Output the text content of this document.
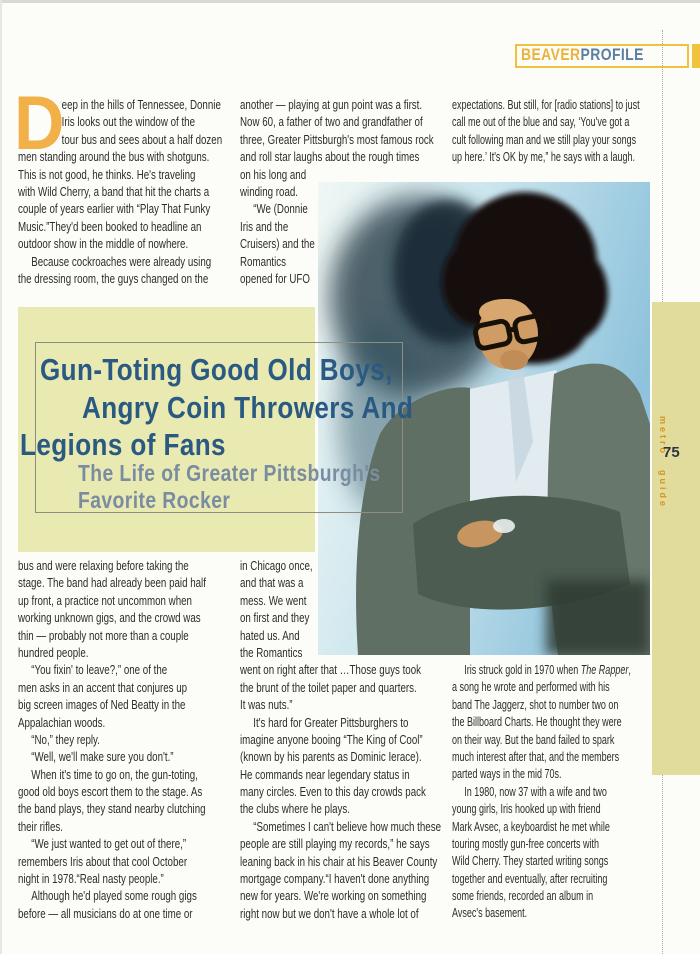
BEAVERPROFILE
Gun-Toting Good Old Boys,
Angry Coin Throwers And
Legions of Fans
The Life of Greater Pittsburgh's
Favorite Rocker
D
eep in the hills of Tennessee, Donnie
Iris looks out the window of the
tour bus and sees about a half dozen
men standing around the bus with shotguns.
This is not good, he thinks. He's traveling
with Wild Cherry, a band that hit the charts a
couple of years earlier with “Play That Funky
Music.”They'd been booked to headline an
outdoor show in the middle of nowhere.
Because cockroaches were already using
the dressing room, the guys changed on the
another — playing at gun point was a first.
Now 60, a father of two and grandfather of
three, Greater Pittsburgh's most famous rock
and roll star laughs about the rough times
on his long and
winding road.
“We (Donnie
Iris and the
Cruisers) and the
Romantics
opened for UFO
expectations. But still, for [radio stations] to just
call me out of the blue and say, ‘You've got a
cult following man and we still play your songs
up here.’ It's OK by me,” he says with a laugh.
bus and were relaxing before taking the
stage. The band had already been paid half
up front, a practice not uncommon when
working unknown gigs, and the crowd was
thin — probably not more than a couple
hundred people.
“You fixin' to leave?,” one of the
men asks in an accent that conjures up
big screen images of Ned Beatty in the
Appalachian woods.
“No,” they reply.
“Well, we'll make sure you don't.”
When it's time to go on, the gun-toting,
good old boys escort them to the stage. As
the band plays, they stand nearby clutching
their rifles.
“We just wanted to get out of there,”
remembers Iris about that cool October
night in 1978.“Real nasty people.”
Although he'd played some rough gigs
before — all musicians do at one time or
in Chicago once,
and that was a
mess. We went
on first and they
hated us. And
the Romantics
went on right after that …Those guys took
the brunt of the toilet paper and quarters.
It was nuts.”
It's hard for Greater Pittsburghers to
imagine anyone booing “The King of Cool”
(known by his parents as Dominic Ierace).
He commands near legendary status in
many circles. Even to this day crowds pack
the clubs where he plays.
“Sometimes I can't believe how much these
people are still playing my records,” he says
leaning back in his chair at his Beaver County
mortgage company.“I haven't done anything
new for years. We're working on something
right now but we don't have a whole lot of
Iris struck gold in 1970 when The Rapper,
a song he wrote and performed with his
band The Jaggerz, shot to number two on
the Billboard Charts. He thought they were
on their way. But the band failed to spark
much interest after that, and the members
parted ways in the mid 70s.
In 1980, now 37 with a wife and two
young girls, Iris hooked up with friend
Mark Avsec, a keyboardist he met while
touring mostly gun-free concerts with
Wild Cherry. They started writing songs
together and eventually, after recruiting
some friends, recorded an album in
Avsec's basement.
metro
75
guide
